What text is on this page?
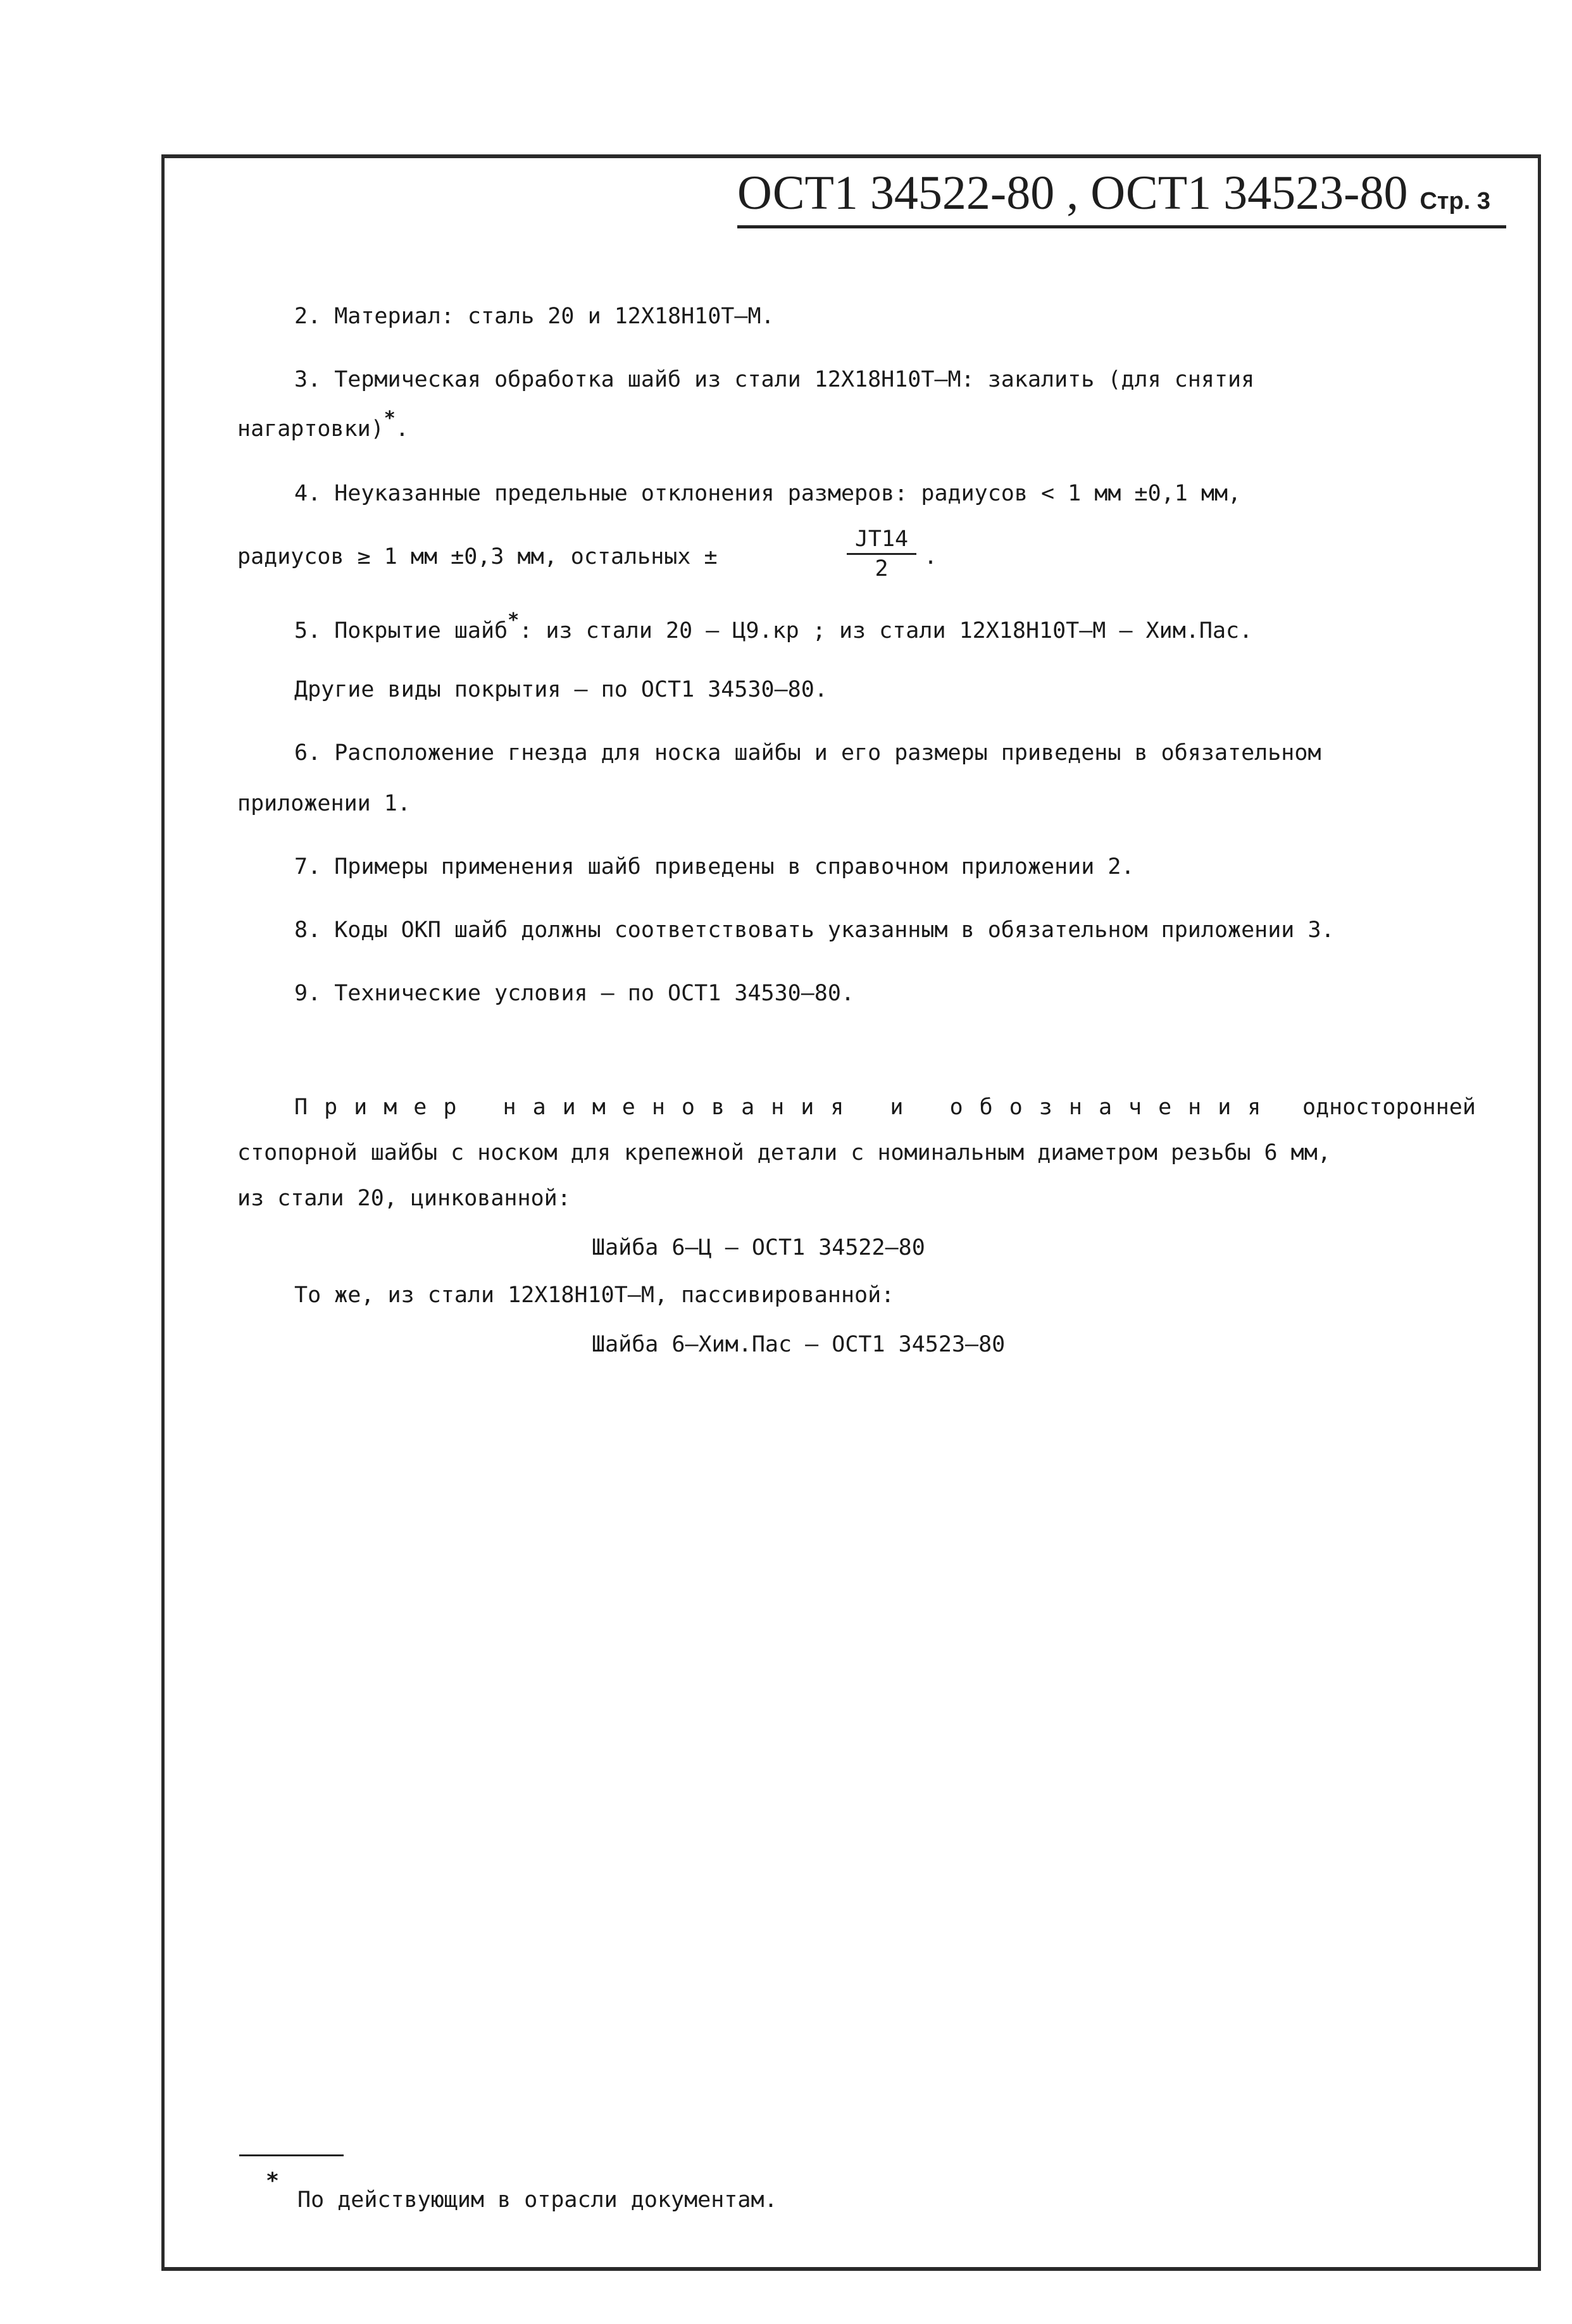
ОСТ1 34522-80 , ОСТ1 34523-80 Стр. 3
2. Материал: сталь 20 и 12Х18Н10Т–М.
3. Термическая обработка шайб из стали 12Х18Н10Т–М: закалить (для снятия
нагартовки)*.
4. Неуказанные предельные отклонения размеров: радиусов < 1 мм ±0,1 мм,
радиусов ≥ 1 мм ±0,3 мм, остальных ±
JT14
2	.
5. Покрытие шайб*: из стали 20 – Ц9.кр ; из стали 12Х18Н10Т–М – Хим.Пас.
Другие виды покрытия – по ОСТ1 34530–80.
6. Расположение гнезда для носка шайбы и его размеры приведены в обязательном
приложении 1.
7. Примеры применения шайб приведены в справочном приложении 2.
8. Коды ОКП шайб должны соответствовать указанным в обязательном приложении 3.
9. Технические условия – по ОСТ1 34530–80.
Пример наименования и обозначения односторонней
стопорной шайбы с носком для крепежной детали с номинальным диаметром резьбы 6 мм,
из стали 20, цинкованной:
Шайба 6–Ц – ОСТ1 34522–80
То же, из стали 12Х18Н10Т–М, пассивированной:
Шайба 6–Хим.Пас – ОСТ1 34523–80
*
По действующим в отрасли документам.
